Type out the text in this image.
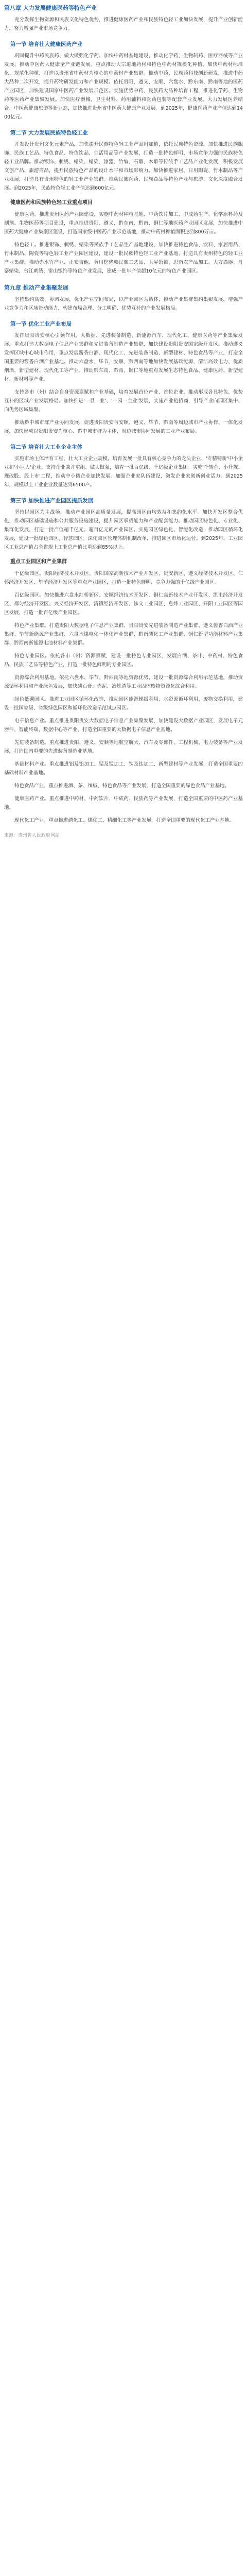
第八章 大力发展健康医药等特色产业

充分发挥生物资源和民族文化特色优势，推进健康医药产业和民族特色轻工业加快发展，提升产业创新能力，努力增强产业市场竞争力。

第一节 培育壮大健康医药产业

巩固提升中药民族药、做大做强化学药、加快中药材基地建设，推动化学药、生物制药、医疗器械等产业发展，推动中医药大健康全产业链发展。重点推动大宗道地药材和特色中药材规模化种植，加快中药材标准化、规范化种植，打造以贵州省中药材为核心的中药材产业集群。推动中药、民族药科技创新研发，推进中药大品种二次开发，提升药物研发能力和产业规模。依托贵阳、遵义、安顺、六盘水、黔东南、黔南等地的医药产业园区，加快建设国家中医药产业发展示范区。实施优势中药、民族药大品种培育工程，推进化学药、生物药等医药产业集聚发展。加快医疗器械、卫生材料、药用辅料和医药包装等配套产业发展。大力发展医养结合、中医药健康旅游等新业态，加快推进贵州省中医药大健康产业发展。到2025年，健康医药产业产值达到1400亿元。

第二节 大力发展民族特色轻工业

开发设计贵州文化元素产品，加快提升民族特色轻工业产品附加值，依托民族特色资源，加快推进民族服饰、民族工艺品、特色食品、特色饮品、生活用品等产业发展，打造一批特色鲜明、市场竞争力强的民族特色轻工业品牌。推动银饰、刺绣、蜡染、蜡染、漆器、竹编、石雕、木雕等传统手工艺品产业化发展，积极发展文创产品、旅游商品，提升民族特色产品的设计水平和市场影响力。加快推进家居、日用陶瓷、竹木制品等产业发展，打造具有贵州特色的轻工业产业集群。推动民族医药、民族食品等特色产业与旅游、文化深度融合发展。到2025年，民族特色轻工业产值达到600亿元。

健康医药和民族特色轻工业重点项目

健康医药。推进贵州医药产业园建设，实施中药材种植基地、中药饮片加工、中成药生产、化学原料药及制剂、生物医药等项目建设，重点推进贵阳、遵义、黔东南、黔南、铜仁等地医药产业园区发展，加快推进中医药大健康产业集聚区建设，打造国家级中医药产业示范基地，推动中药材种植面积达到800万亩。

特色轻工。推进银饰、刺绣、蜡染等民族手工艺品生产基地建设，加快推进特色食品、饮料、家居用品、竹木制品、陶瓷等特色轻工业产业园区建设，建设一批民族特色轻工业产业基地，打造具有贵州特色的轻工业产业集群。推动赤水竹产业、正安吉他、务川仡佬族民族工艺品、玉屏箫笛、思南农产品加工、大方漆器、丹寨蜡染、台江刺绣、雷山银饰等特色产业发展，建成一批年产值超10亿元的特色产业园区。

第九章 推动产业集聚发展

坚持集约高效、协调发展，优化产业空间布局，以产业园区为载体，推动产业集群集约集聚发展，增强产业竞争力和区域带动能力，构建布局合理、分工明确、优势互补的产业发展格局。

第一节 优化工业产业布局

发挥贵阳贵安核心引领作用，大数据、先进装备制造、新能源汽车、现代化工、健康医药等产业集聚发展，重点打造大数据电子信息产业集群和先进装备制造产业集群，加快建设贵阳贵安国家级开发区。推动遵义发挥区域中心城市作用，重点发展酱香白酒、现代化工、先进装备制造、新型建材、特色食品等产业，打造全国重要的酱香白酒产业基地。推动六盘水、毕节、安顺、黔西南等地加快发展基础能源、清洁高效电力、优质烟酒、新型建材、现代化工等产业。推动黔东南、黔南、铜仁等地重点发展生态特色食品、健康医药、新型建材、新材料等产业。

支持各市（州）结合自身资源禀赋和产业基础，培育发展首位产业、首位企业，推动形成各具特色、优势互补的区域产业发展格局。加快推进'一县一业'、'一园一主业'发展，实施产业链招商，引导产业向园区集中、向优势区域集聚。

推动黔中城市群产业协同发展，促进贵阳贵安与安顺、遵义、毕节、黔南等周边城市产业协作、一体化发展，加快形成以贵阳贵安为核心、黔中城市群为主体、周边城市协同发展的工业产业布局。

第二节 培育壮大工业企业主体

实施市场主体培育工程，壮大工业企业规模，培育发展一批具有核心竞争力的龙头企业、'专精特新'中小企业和'小巨人'企业。支持企业兼并重组、做大做强，培育一批百亿级、千亿级企业集团。实施'个转企、小升规、规改股、股上市'工程，推动中小微企业加快发展。加强企业家队伍建设，激发企业家创新创业活力。到2025年，规模以上工业企业数量达到6500户。

第三节 加快推进产业园区提质发展

坚持以园区为主战场，推动产业园区高质量发展，提高园区亩均效益和集约化水平。加快开发区整合优化，推动园区基础设施和公共服务设施建设，提升园区承载能力和产业配套能力。推动园区特色化、专业化、集群化发展，打造一批产值超千亿元、超百亿元的产业园区。实施园区绿色化、智能化改造，推动园区循环化发展，建设一批绿色园区、智慧园区。深化园区管理体制机制改革，推进园区市场化运营。到2025年，工业园区工业总产值占全省规上工业总产值比重达到85%以上。

重点工业园区和产业集群

千亿级园区。贵阳经济技术开发区、贵阳国家高新技术产业开发区、贵安新区、遵义经济技术开发区、仁怀经济开发区、毕节经济开发区等重点产业园区，打造一批特色鲜明、竞争力强的千亿级产业园区。

百亿级园区。加快推进六盘水红桥新区、安顺经济技术开发区、铜仁高新技术产业开发区、凯里经济开发区、都匀经济开发区、兴义经济开发区、清镇经济开发区、修文工业园区、息烽工业园区、开阳工业园区等园区发展，打造一批百亿级产业园区。

特色产业集群。打造贵阳大数据电子信息产业集群、贵阳贵安先进装备制造产业集群、遵义酱香白酒产业集群、毕节新能源产业集群、六盘水煤电化一体化产业集群、黔南磷化工产业集群、铜仁新型功能材料产业集群、黔西南新能源电池材料产业集群。

特色专业园区。依托各市（州）资源禀赋，建设一批特色专业园区，发展白酒、茶叶、中药材、特色食品、民族工艺品等特色产业，打造一批特色鲜明的专业园区。

资源综合利用基地。依托六盘水、毕节、黔西南等地资源优势，建设一批资源综合利用示范基地，推动资源循环利用和产业绿色发展，加快磷石膏、赤泥、冶炼渣等工业固体废物资源化综合利用。

绿色低碳园区。推进工业园区循环化改造，推动园区能源梯级利用、水资源循环利用、废物交换利用，建设一批国家级、省级绿色园区和循环化改造示范试点园区。

电子信息产业。重点推进贵阳贵安大数据电子信息产业集聚发展，加快建设大数据产业园区，发展电子元器件、智能终端、数据中心等产业，打造全国重要的大数据电子信息产业基地。

先进装备制造。重点推进贵阳、遵义、安顺等地航空航天、汽车及零部件、工程机械、电力装备等产业发展，打造国内重要的先进装备制造业基地。

基础材料产业。重点推进铝及铝加工、锰及锰加工、钛及钛加工、新型建材等产业发展，打造全国重要的基础材料产业基地。

特色食品产业。重点推进酒、茶、辣椒、特色食品等产业发展，打造全国重要的绿色食品产业基地。

健康医药产业。重点推进中药材、中药饮片、中成药、民族药等产业发展，打造全国重要的中医药产业基地。

现代化工产业。重点推进磷化工、煤化工、精细化工等产业发展，打造全国重要的现代化工产业基地。

来源：贵州省人民政府网站
